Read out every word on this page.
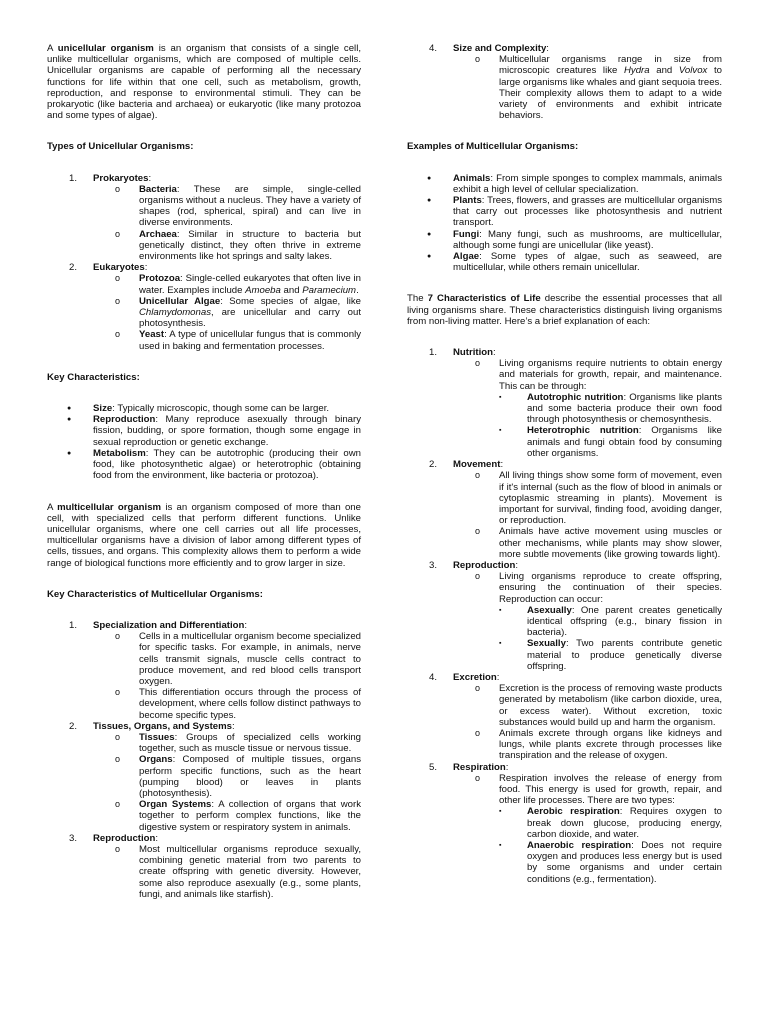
A unicellular organism is an organism that consists of a single cell, unlike multicellular organisms, which are composed of multiple cells. Unicellular organisms are capable of performing all the necessary functions for life within that one cell, such as metabolism, growth, reproduction, and response to environmental stimuli. They can be prokaryotic (like bacteria and archaea) or eukaryotic (like many protozoa and some types of algae).

Types of Unicellular Organisms:

1. Prokaryotes:
o Bacteria: These are simple, single-celled organisms without a nucleus. They have a variety of shapes (rod, spherical, spiral) and can live in diverse environments.
o Archaea: Similar in structure to bacteria but genetically distinct, they often thrive in extreme environments like hot springs and salty lakes.
2. Eukaryotes:
o Protozoa: Single-celled eukaryotes that often live in water. Examples include Amoeba and Paramecium.
o Unicellular Algae: Some species of algae, like Chlamydomonas, are unicellular and carry out photosynthesis.
o Yeast: A type of unicellular fungus that is commonly used in baking and fermentation processes.

Key Characteristics:

● Size: Typically microscopic, though some can be larger.
● Reproduction: Many reproduce asexually through binary fission, budding, or spore formation, though some engage in sexual reproduction or genetic exchange.
● Metabolism: They can be autotrophic (producing their own food, like photosynthetic algae) or heterotrophic (obtaining food from the environment, like bacteria or protozoa).

A multicellular organism is an organism composed of more than one cell, with specialized cells that perform different functions. Unlike unicellular organisms, where one cell carries out all life processes, multicellular organisms have a division of labor among different types of cells, tissues, and organs. This complexity allows them to perform a wide range of biological functions more efficiently and to grow larger in size.

Key Characteristics of Multicellular Organisms:

1. Specialization and Differentiation:
o Cells in a multicellular organism become specialized for specific tasks. For example, in animals, nerve cells transmit signals, muscle cells contract to produce movement, and red blood cells transport oxygen.
o This differentiation occurs through the process of development, where cells follow distinct pathways to become specific types.
2. Tissues, Organs, and Systems:
o Tissues: Groups of specialized cells working together, such as muscle tissue or nervous tissue.
o Organs: Composed of multiple tissues, organs perform specific functions, such as the heart (pumping blood) or leaves in plants (photosynthesis).
o Organ Systems: A collection of organs that work together to perform complex functions, like the digestive system or respiratory system in animals.
3. Reproduction:
o Most multicellular organisms reproduce sexually, combining genetic material from two parents to create offspring with genetic diversity. However, some also reproduce asexually (e.g., some plants, fungi, and animals like starfish).
4. Size and Complexity:
o Multicellular organisms range in size from microscopic creatures like Hydra and Volvox to large organisms like whales and giant sequoia trees. Their complexity allows them to adapt to a wide variety of environments and exhibit intricate behaviors.

Examples of Multicellular Organisms:

● Animals: From simple sponges to complex mammals, animals exhibit a high level of cellular specialization.
● Plants: Trees, flowers, and grasses are multicellular organisms that carry out processes like photosynthesis and nutrient transport.
● Fungi: Many fungi, such as mushrooms, are multicellular, although some fungi are unicellular (like yeast).
● Algae: Some types of algae, such as seaweed, are multicellular, while others remain unicellular.

The 7 Characteristics of Life describe the essential processes that all living organisms share. These characteristics distinguish living organisms from non-living matter. Here’s a brief explanation of each:

1. Nutrition:
o Living organisms require nutrients to obtain energy and materials for growth, repair, and maintenance. This can be through:
▪	Autotrophic nutrition: Organisms like plants and some bacteria produce their own food through photosynthesis or chemosynthesis.
▪	Heterotrophic nutrition: Organisms like animals and fungi obtain food by consuming other organisms.
2. Movement:
o All living things show some form of movement, even if it's internal (such as the flow of blood in animals or cytoplasmic streaming in plants). Movement is important for survival, finding food, avoiding danger, or reproduction.
o Animals have active movement using muscles or other mechanisms, while plants may show slower, more subtle movements (like growing towards light).
3. Reproduction:
o Living organisms reproduce to create offspring, ensuring the continuation of their species. Reproduction can occur:
▪	Asexually: One parent creates genetically identical offspring (e.g., binary fission in bacteria).
▪	Sexually: Two parents contribute genetic material to produce genetically diverse offspring.
4. Excretion:
o Excretion is the process of removing waste products generated by metabolism (like carbon dioxide, urea, or excess water). Without excretion, toxic substances would build up and harm the organism.
o Animals excrete through organs like kidneys and lungs, while plants excrete through processes like transpiration and the release of oxygen.
5. Respiration:
o Respiration involves the release of energy from food. This energy is used for growth, repair, and other life processes. There are two types:
▪	Aerobic respiration: Requires oxygen to break down glucose, producing energy, carbon dioxide, and water.
▪	Anaerobic respiration: Does not require oxygen and produces less energy but is used by some organisms and under certain conditions (e.g., fermentation).
